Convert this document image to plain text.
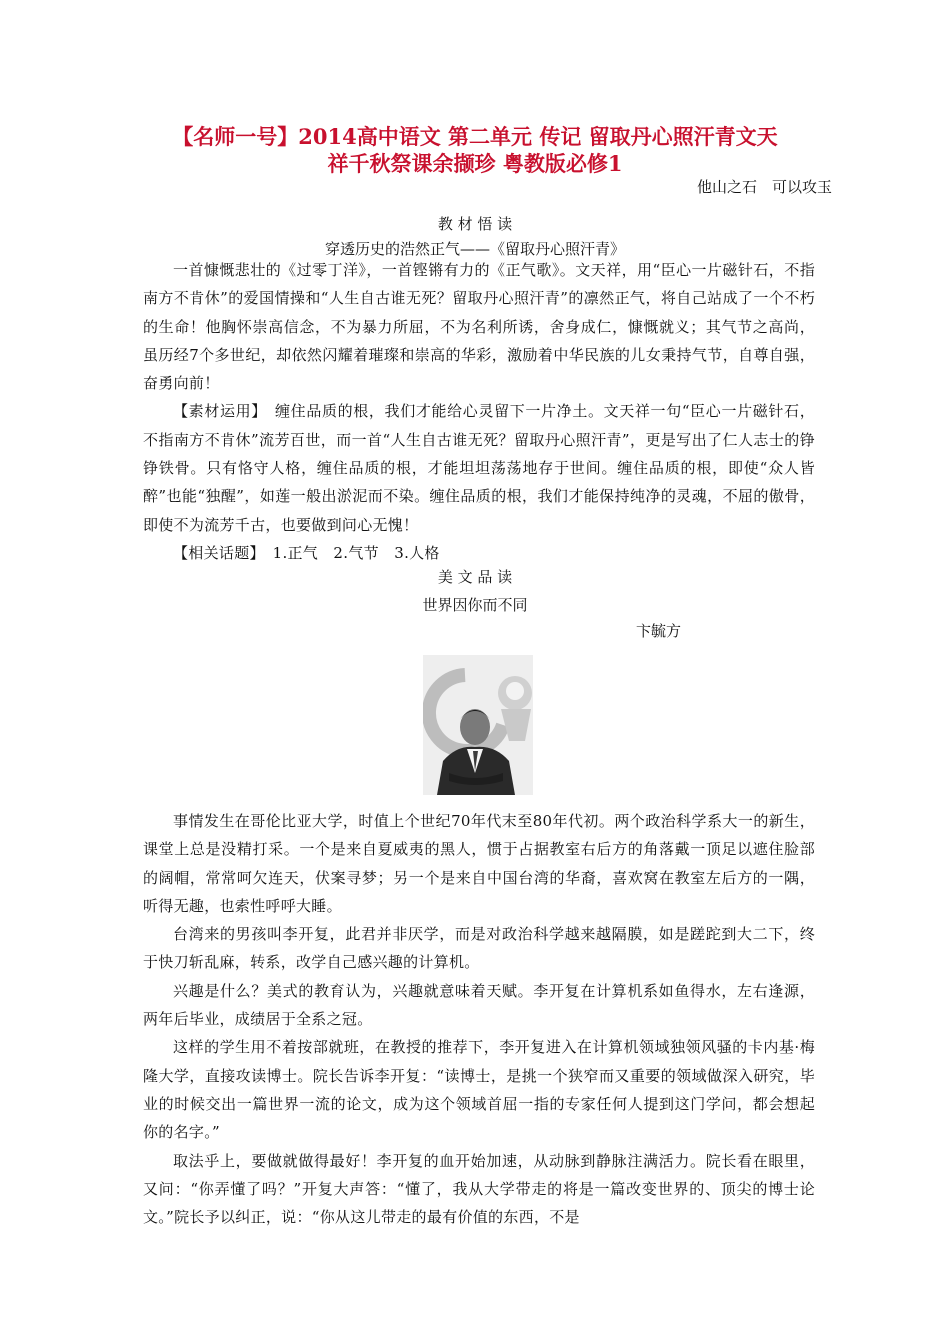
【名师一号】2014高中语文 第二单元 传记 留取丹心照汗青文天
祥千秋祭课余撷珍 粤教版必修1
他山之石　可以攻玉
教 材 悟 读
穿透历史的浩然正气——《留取丹心照汗青》

一首慷慨悲壮的《过零丁洋》，一首铿锵有力的《正气歌》。文天祥，用“臣心一片磁针石，不指南方不肯休”的爱国情操和“人生自古谁无死？留取丹心照汗青”的凛然正气，将自己站成了一个不朽的生命！他胸怀崇高信念，不为暴力所屈，不为名利所诱，舍身成仁，慷慨就义；其气节之高尚，虽历经7个多世纪，却依然闪耀着璀璨和崇高的华彩，激励着中华民族的儿女秉持气节，自尊自强，奋勇向前！

【素材运用】　缠住品质的根，我们才能给心灵留下一片净土。文天祥一句“臣心一片磁针石，不指南方不肯休”流芳百世，而一首“人生自古谁无死？留取丹心照汗青”，更是写出了仁人志士的铮铮铁骨。只有恪守人格，缠住品质的根，才能坦坦荡荡地存于世间。缠住品质的根，即使“众人皆醉”也能“独醒”，如莲一般出淤泥而不染。缠住品质的根，我们才能保持纯净的灵魂，不屈的傲骨，即使不为流芳千古，也要做到问心无愧！

【相关话题】　1.正气　2.气节　3.人格

美 文 品 读
世界因你而不同
卞毓方

事情发生在哥伦比亚大学，时值上个世纪70年代末至80年代初。两个政治科学系大一的新生，课堂上总是没精打采。一个是来自夏威夷的黑人，惯于占据教室右后方的角落戴一顶足以遮住脸部的阔帽，常常呵欠连天，伏案寻梦；另一个是来自中国台湾的华裔，喜欢窝在教室左后方的一隅，听得无趣，也索性呼呼大睡。

台湾来的男孩叫李开复，此君并非厌学，而是对政治科学越来越隔膜，如是蹉跎到大二下，终于快刀斩乱麻，转系，改学自己感兴趣的计算机。

兴趣是什么？美式的教育认为，兴趣就意味着天赋。李开复在计算机系如鱼得水，左右逢源，两年后毕业，成绩居于全系之冠。

这样的学生用不着按部就班，在教授的推荐下，李开复进入在计算机领域独领风骚的卡内基·梅隆大学，直接攻读博士。院长告诉李开复：“读博士，是挑一个狭窄而又重要的领域做深入研究，毕业的时候交出一篇世界一流的论文，成为这个领域首屈一指的专家任何人提到这门学问，都会想起你的名字。”

取法乎上，要做就做得最好！李开复的血开始加速，从动脉到静脉注满活力。院长看在眼里，又问：“你弄懂了吗？”开复大声答：“懂了，我从大学带走的将是一篇改变世界的、顶尖的博士论文。”院长予以纠正，说：“你从这儿带走的最有价值的东西，不是
